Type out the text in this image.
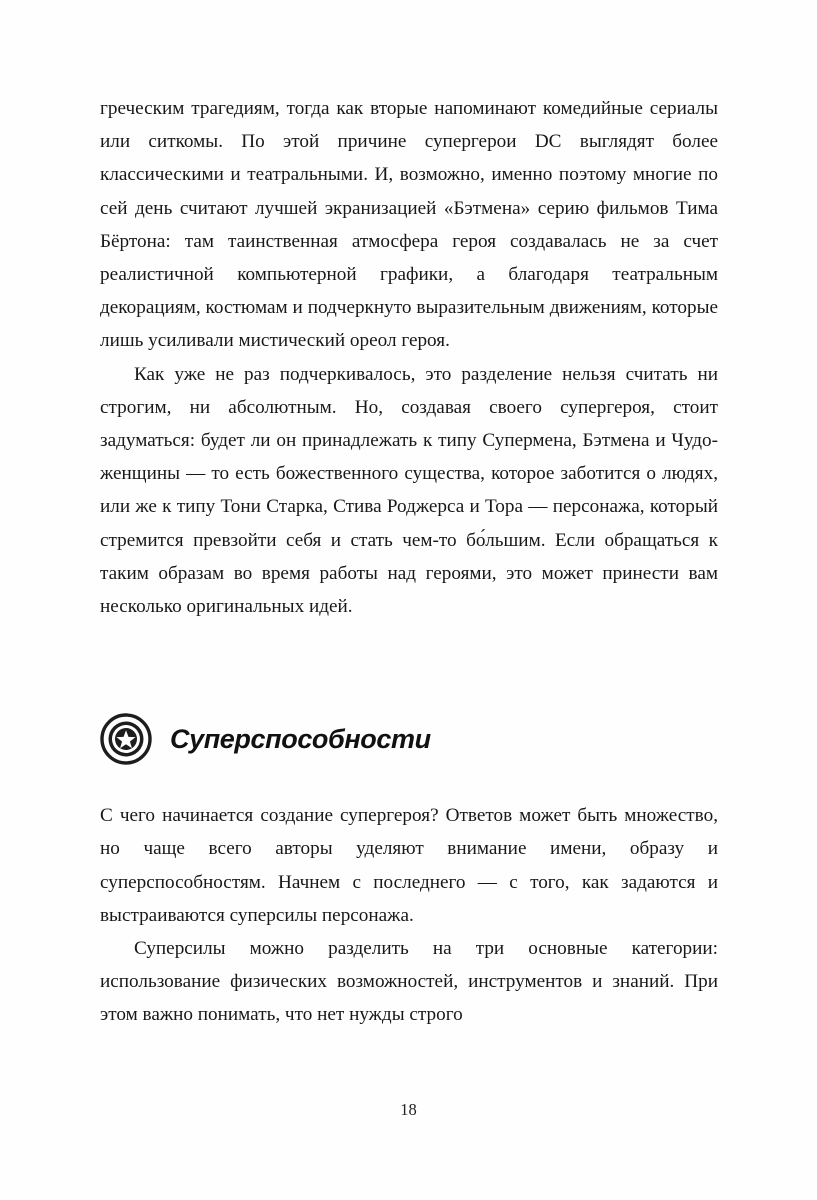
греческим трагедиям, тогда как вторые напоминают комедийные сериалы или ситкомы. По этой причине супергерои DC выглядят более классическими и театральными. И, возможно, именно поэтому многие по сей день считают лучшей экранизацией «Бэтмена» серию фильмов Тима Бёртона: там таинственная атмосфера героя создавалась не за счет реалистичной компьютерной графики, а благодаря театральным декорациям, костюмам и подчеркнуто выразительным движениям, которые лишь усиливали мистический ореол героя.

Как уже не раз подчеркивалось, это разделение нельзя считать ни строгим, ни абсолютным. Но, создавая своего супергероя, стоит задуматься: будет ли он принадлежать к типу Супермена, Бэтмена и Чудо-женщины — то есть божественного существа, которое заботится о людях, или же к типу Тони Старка, Стива Роджерса и Тора — персонажа, который стремится превзойти себя и стать чем-то бо́льшим. Если обращаться к таким образам во время работы над героями, это может принести вам несколько оригинальных идей.

Суперспособности

С чего начинается создание супергероя? Ответов может быть множество, но чаще всего авторы уделяют внимание имени, образу и суперспособностям. Начнем с последнего — с того, как задаются и выстраиваются суперсилы персонажа.

Суперсилы можно разделить на три основные категории: использование физических возможностей, инструментов и знаний. При этом важно понимать, что нет нужды строго

18
